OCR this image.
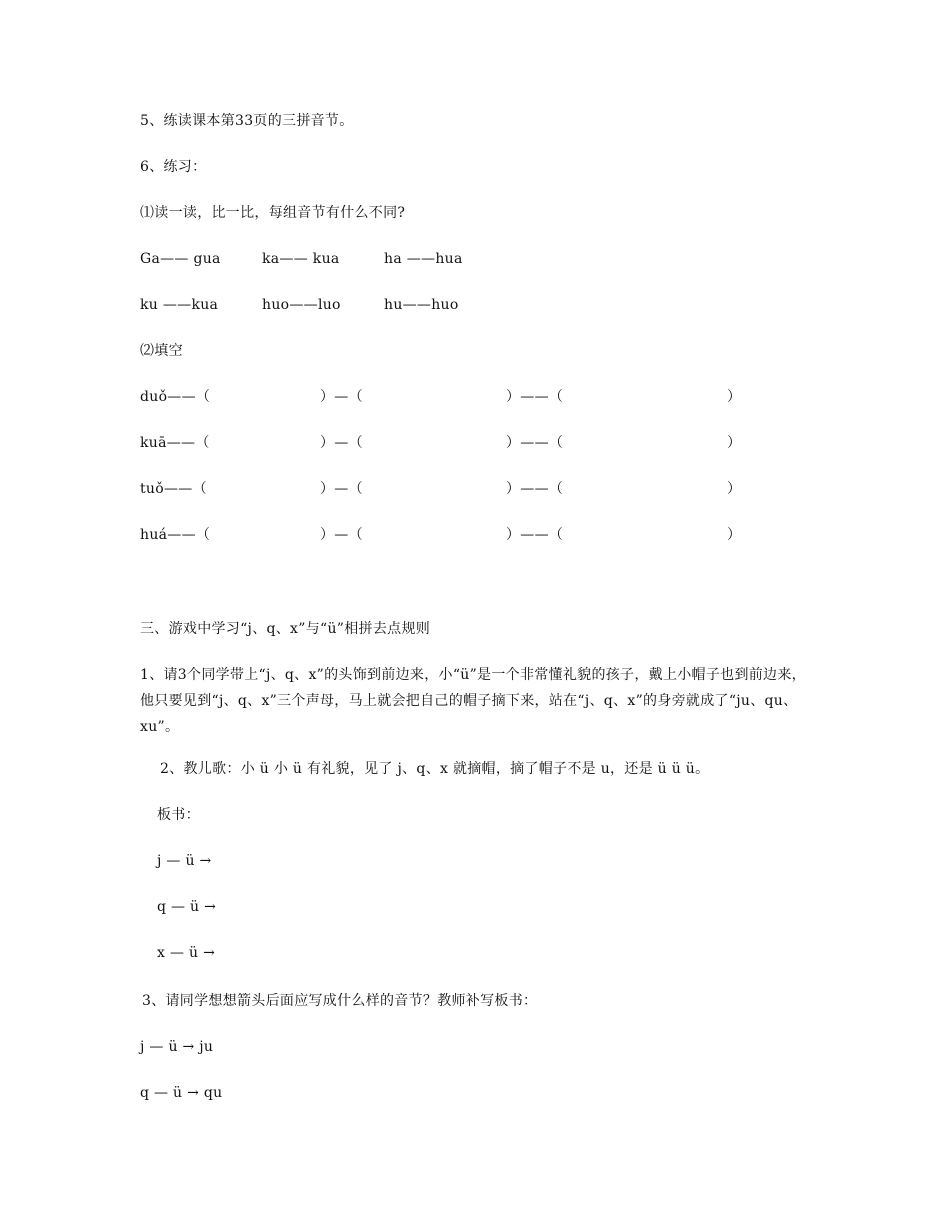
5、练读课本第33页的三拼音节。
6、练习：
⑴读一读，比一比，每组音节有什么不同?
Ga—— gua	ka—— kua	ha ——hua
ku ——kua	huo——luo	hu——huo
⑵填空
duǒ——（	）—（	）——（	）
kuā——（	）—（	）——（	）
tuǒ——（	）—（	）——（	）
huá——（	）—（	）——（	）
三、游戏中学习“j、q、x”与“ü”相拼去点规则
1、请3个同学带上“j、q、x”的头饰到前边来，小“ü”是一个非常懂礼貌的孩子，戴上小帽子也到前边来，他只要见到“j、q、x”三个声母，马上就会把自己的帽子摘下来，站在“j、q、x”的身旁就成了“ju、qu、xu”。
2、教儿歌：小 ü 小 ü 有礼貌，见了 j、q、x 就摘帽，摘了帽子不是 u，还是 ü ü ü。
板书：
j — ü →
q — ü →
x — ü →
3、请同学想想箭头后面应写成什么样的音节？教师补写板书：
j — ü → ju
q — ü → qu
